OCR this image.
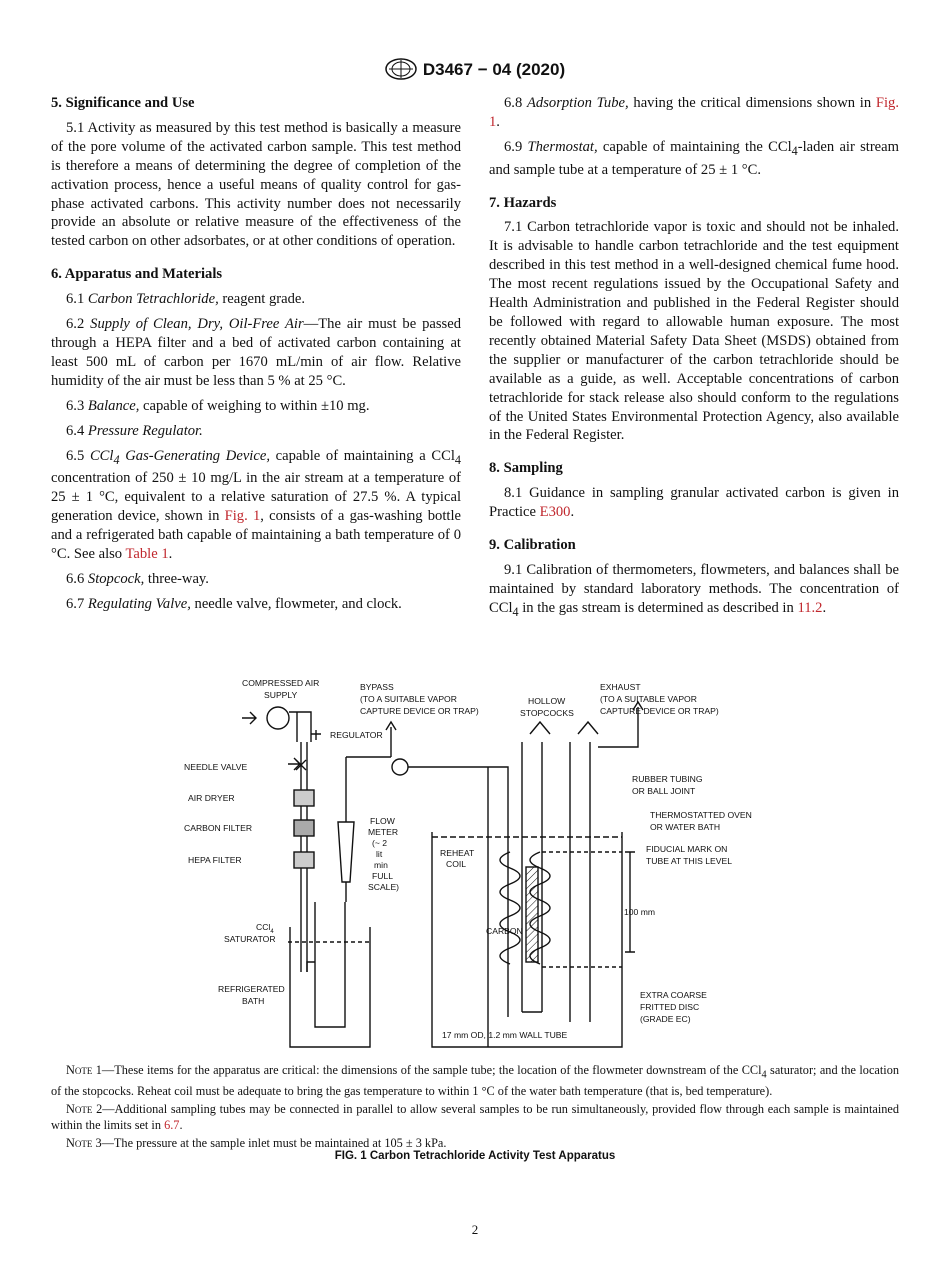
D3467 − 04 (2020)
5. Significance and Use

5.1 Activity as measured by this test method is basically a measure of the pore volume of the activated carbon sample. This test method is therefore a means of determining the degree of completion of the activation process, hence a useful means of quality control for gas-phase activated carbons. This activity number does not necessarily provide an absolute or relative measure of the effectiveness of the tested carbon on other adsorbates, or at other conditions of operation.

6. Apparatus and Materials

6.1 Carbon Tetrachloride, reagent grade.

6.2 Supply of Clean, Dry, Oil-Free Air—The air must be passed through a HEPA filter and a bed of activated carbon containing at least 500 mL of carbon per 1670 mL/min of air flow. Relative humidity of the air must be less than 5 % at 25 °C.

6.3 Balance, capable of weighing to within ±10 mg.

6.4 Pressure Regulator.

6.5 CCl$_4$ Gas-Generating Device, capable of maintaining a CCl$_4$ concentration of 250 ± 10 mg/L in the air stream at a temperature of 25 ± 1 °C, equivalent to a relative saturation of 27.5 %. A typical generation device, shown in Fig. 1, consists of a gas-washing bottle and a refrigerated bath capable of maintaining a bath temperature of 0 °C. See also Table 1.

6.6 Stopcock, three-way.

6.7 Regulating Valve, needle valve, flowmeter, and clock.

6.8 Adsorption Tube, having the critical dimensions shown in Fig. 1.

6.9 Thermostat, capable of maintaining the CCl$_4$-laden air stream and sample tube at a temperature of 25 ± 1 °C.

7. Hazards

7.1 Carbon tetrachloride vapor is toxic and should not be inhaled. It is advisable to handle carbon tetrachloride and the test equipment described in this test method in a well-designed chemical fume hood. The most recent regulations issued by the Occupational Safety and Health Administration and published in the Federal Register should be followed with regard to allowable human exposure. The most recently obtained Material Safety Data Sheet (MSDS) obtained from the supplier or manufacturer of the carbon tetrachloride should be available as a guide, as well. Acceptable concentrations of carbon tetrachloride for stack release also should conform to the regulations of the United States Environmental Protection Agency, also available in the Federal Register.

8. Sampling

8.1 Guidance in sampling granular activated carbon is given in Practice E300.

9. Calibration

9.1 Calibration of thermometers, flowmeters, and balances shall be maintained by standard laboratory methods. The concentration of CCl$_4$ in the gas stream is determined as described in 11.2.

COMPRESSED AIR
SUPPLY
REGULATOR
NEEDLE VALVE
AIR DRYER
CARBON FILTER
HEPA FILTER
CCl$_4$
SATURATOR
REFRIGERATED
BATH
BYPASS
(TO A SUITABLE VAPOR
CAPTURE DEVICE OR TRAP)
FLOW
METER
(~ 2
lit
min
FULL
SCALE)
REHEAT
COIL
CARBON
HOLLOW
STOPCOCKS
EXHAUST
(TO A SUITABLE VAPOR
CAPTURE DEVICE OR TRAP)
RUBBER TUBING
OR BALL JOINT
THERMOSTATTED OVEN
OR WATER BATH
FIDUCIAL MARK ON
TUBE AT THIS LEVEL
100 mm
EXTRA COARSE
FRITTED DISC
(GRADE EC)
17 mm OD, 1.2 mm WALL TUBE

Note 1—These items for the apparatus are critical: the dimensions of the sample tube; the location of the flowmeter downstream of the CCl$_4$ saturator; and the location of the stopcocks. Reheat coil must be adequate to bring the gas temperature to within 1 °C of the water bath temperature (that is, bed temperature).

Note 2—Additional sampling tubes may be connected in parallel to allow several samples to be run simultaneously, provided flow through each sample is maintained within the limits set in 6.7.

Note 3—The pressure at the sample inlet must be maintained at 105 ± 3 kPa.

FIG. 1 Carbon Tetrachloride Activity Test Apparatus
2
